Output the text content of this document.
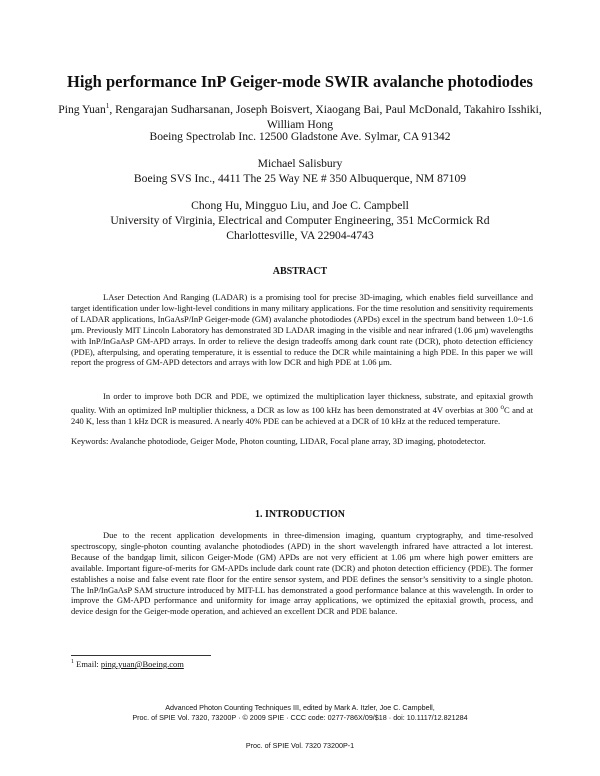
High performance InP Geiger-mode SWIR avalanche photodiodes
Ping Yuan$^1$, Rengarajan Sudharsanan, Joseph Boisvert, Xiaogang Bai, Paul McDonald, Takahiro Isshiki, William Hong
Boeing Spectrolab Inc. 12500 Gladstone Ave. Sylmar, CA 91342
Michael Salisbury
Boeing SVS Inc., 4411 The 25 Way NE # 350 Albuquerque, NM 87109
Chong Hu, Mingguo Liu, and Joe C. Campbell
University of Virginia, Electrical and Computer Engineering, 351 McCormick Rd
Charlottesville, VA 22904-4743
ABSTRACT
LAser Detection And Ranging (LADAR) is a promising tool for precise 3D-imaging, which enables field surveillance and target identification under low-light-level conditions in many military applications. For the time resolution and sensitivity requirements of LADAR applications, InGaAsP/InP Geiger-mode (GM) avalanche photodiodes (APDs) excel in the spectrum band between 1.0~1.6 μm. Previously MIT Lincoln Laboratory has demonstrated 3D LADAR imaging in the visible and near infrared (1.06 μm) wavelengths with InP/InGaAsP GM-APD arrays. In order to relieve the design tradeoffs among dark count rate (DCR), photo detection efficiency (PDE), afterpulsing, and operating temperature, it is essential to reduce the DCR while maintaining a high PDE. In this paper we will report the progress of GM-APD detectors and arrays with low DCR and high PDE at 1.06 μm.
In order to improve both DCR and PDE, we optimized the multiplication layer thickness, substrate, and epitaxial growth quality. With an optimized InP multiplier thickness, a DCR as low as 100 kHz has been demonstrated at 4V overbias at 300 $^o$C and at 240 K, less than 1 kHz DCR is measured. A nearly 40% PDE can be achieved at a DCR of 10 kHz at the reduced temperature.
Keywords: Avalanche photodiode, Geiger Mode, Photon counting, LIDAR, Focal plane array, 3D imaging, photodetector.
1. INTRODUCTION
Due to the recent application developments in three-dimension imaging, quantum cryptography, and time-resolved spectroscopy, single-photon counting avalanche photodiodes (APD) in the short wavelength infrared have attracted a lot interest. Because of the bandgap limit, silicon Geiger-Mode (GM) APDs are not very efficient at 1.06 μm where high power emitters are available. Important figure-of-merits for GM-APDs include dark count rate (DCR) and photon detection efficiency (PDE). The former establishes a noise and false event rate floor for the entire sensor system, and PDE defines the sensor’s sensitivity to a single photon. The InP/InGaAsP SAM structure introduced by MIT-LL has demonstrated a good performance balance at this wavelength. In order to improve the GM-APD performance and uniformity for image array applications, we optimized the epitaxial growth, process, and device design for the Geiger-mode operation, and achieved an excellent DCR and PDE balance.
$^1$ Email: ping.yuan@Boeing.com
Advanced Photon Counting Techniques III, edited by Mark A. Itzler, Joe C. Campbell,
Proc. of SPIE Vol. 7320, 73200P · © 2009 SPIE · CCC code: 0277-786X/09/$18 · doi: 10.1117/12.821284
Proc. of SPIE Vol. 7320 73200P-1
